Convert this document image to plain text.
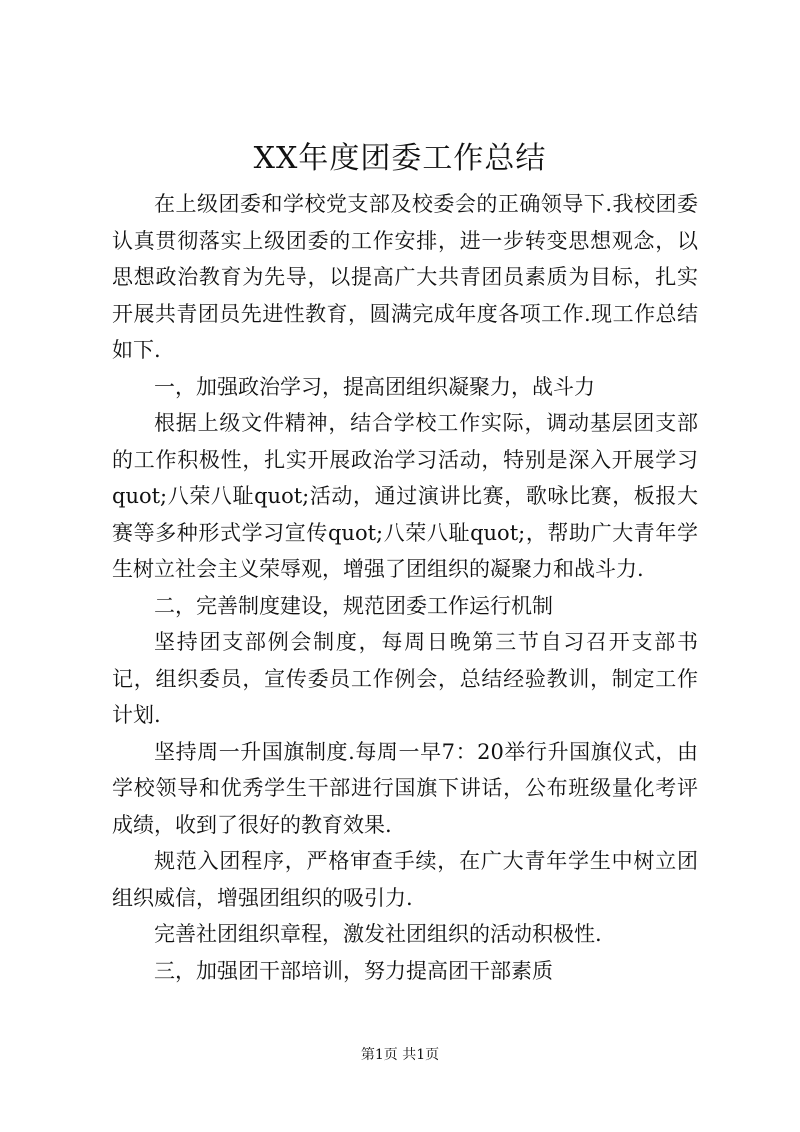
XX年度团委工作总结

在上级团委和学校党支部及校委会的正确领导下.我校团委认真贯彻落实上级团委的工作安排，进一步转变思想观念，以思想政治教育为先导，以提高广大共青团员素质为目标，扎实开展共青团员先进性教育，圆满完成年度各项工作.现工作总结如下.

一，加强政治学习，提高团组织凝聚力，战斗力

根据上级文件精神，结合学校工作实际，调动基层团支部的工作积极性，扎实开展政治学习活动，特别是深入开展学习quot;八荣八耻quot;活动，通过演讲比赛，歌咏比赛，板报大赛等多种形式学习宣传quot;八荣八耻quot;，帮助广大青年学生树立社会主义荣辱观，增强了团组织的凝聚力和战斗力.

二，完善制度建设，规范团委工作运行机制

坚持团支部例会制度，每周日晚第三节自习召开支部书记，组织委员，宣传委员工作例会，总结经验教训，制定工作计划.

坚持周一升国旗制度.每周一早7：20举行升国旗仪式，由学校领导和优秀学生干部进行国旗下讲话，公布班级量化考评成绩，收到了很好的教育效果.

规范入团程序，严格审查手续，在广大青年学生中树立团组织威信，增强团组织的吸引力.

完善社团组织章程，激发社团组织的活动积极性.

三，加强团干部培训，努力提高团干部素质

第1页 共1页
